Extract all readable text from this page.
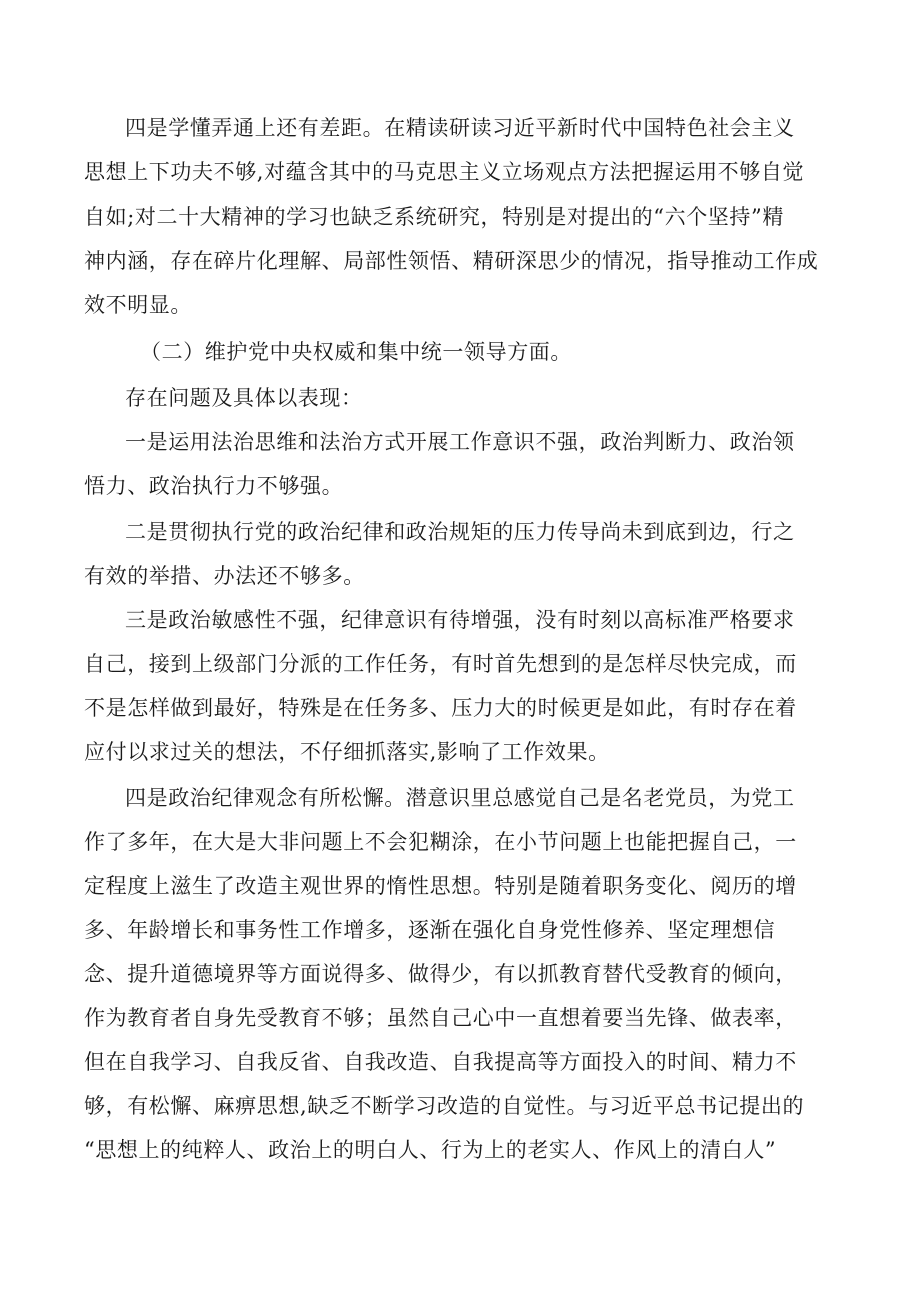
四是学懂弄通上还有差距。在精读研读习近平新时代中国特色社会主义
思想上下功夫不够,对蕴含其中的马克思主义立场观点方法把握运用不够自觉
自如;对二十大精神的学习也缺乏系统研究，特别是对提出的“六个坚持”精
神内涵，存在碎片化理解、局部性领悟、精研深思少的情况，指导推动工作成
效不明显。
（二）维护党中央权威和集中统一领导方面。
存在问题及具体以表现：
一是运用法治思维和法治方式开展工作意识不强，政治判断力、政治领
悟力、政治执行力不够强。
二是贯彻执行党的政治纪律和政治规矩的压力传导尚未到底到边，行之
有效的举措、办法还不够多。
三是政治敏感性不强，纪律意识有待增强，没有时刻以高标准严格要求
自己，接到上级部门分派的工作任务，有时首先想到的是怎样尽快完成，而
不是怎样做到最好，特殊是在任务多、压力大的时候更是如此，有时存在着
应付以求过关的想法，不仔细抓落实,影响了工作效果。
四是政治纪律观念有所松懈。潜意识里总感觉自己是名老党员，为党工
作了多年，在大是大非问题上不会犯糊涂，在小节问题上也能把握自己，一
定程度上滋生了改造主观世界的惰性思想。特别是随着职务变化、阅历的增
多、年龄增长和事务性工作增多，逐渐在强化自身党性修养、坚定理想信
念、提升道德境界等方面说得多、做得少，有以抓教育替代受教育的倾向，
作为教育者自身先受教育不够；虽然自己心中一直想着要当先锋、做表率，
但在自我学习、自我反省、自我改造、自我提高等方面投入的时间、精力不
够，有松懈、麻痹思想,缺乏不断学习改造的自觉性。与习近平总书记提出的
“思想上的纯粹人、政治上的明白人、行为上的老实人、作风上的清白人”
